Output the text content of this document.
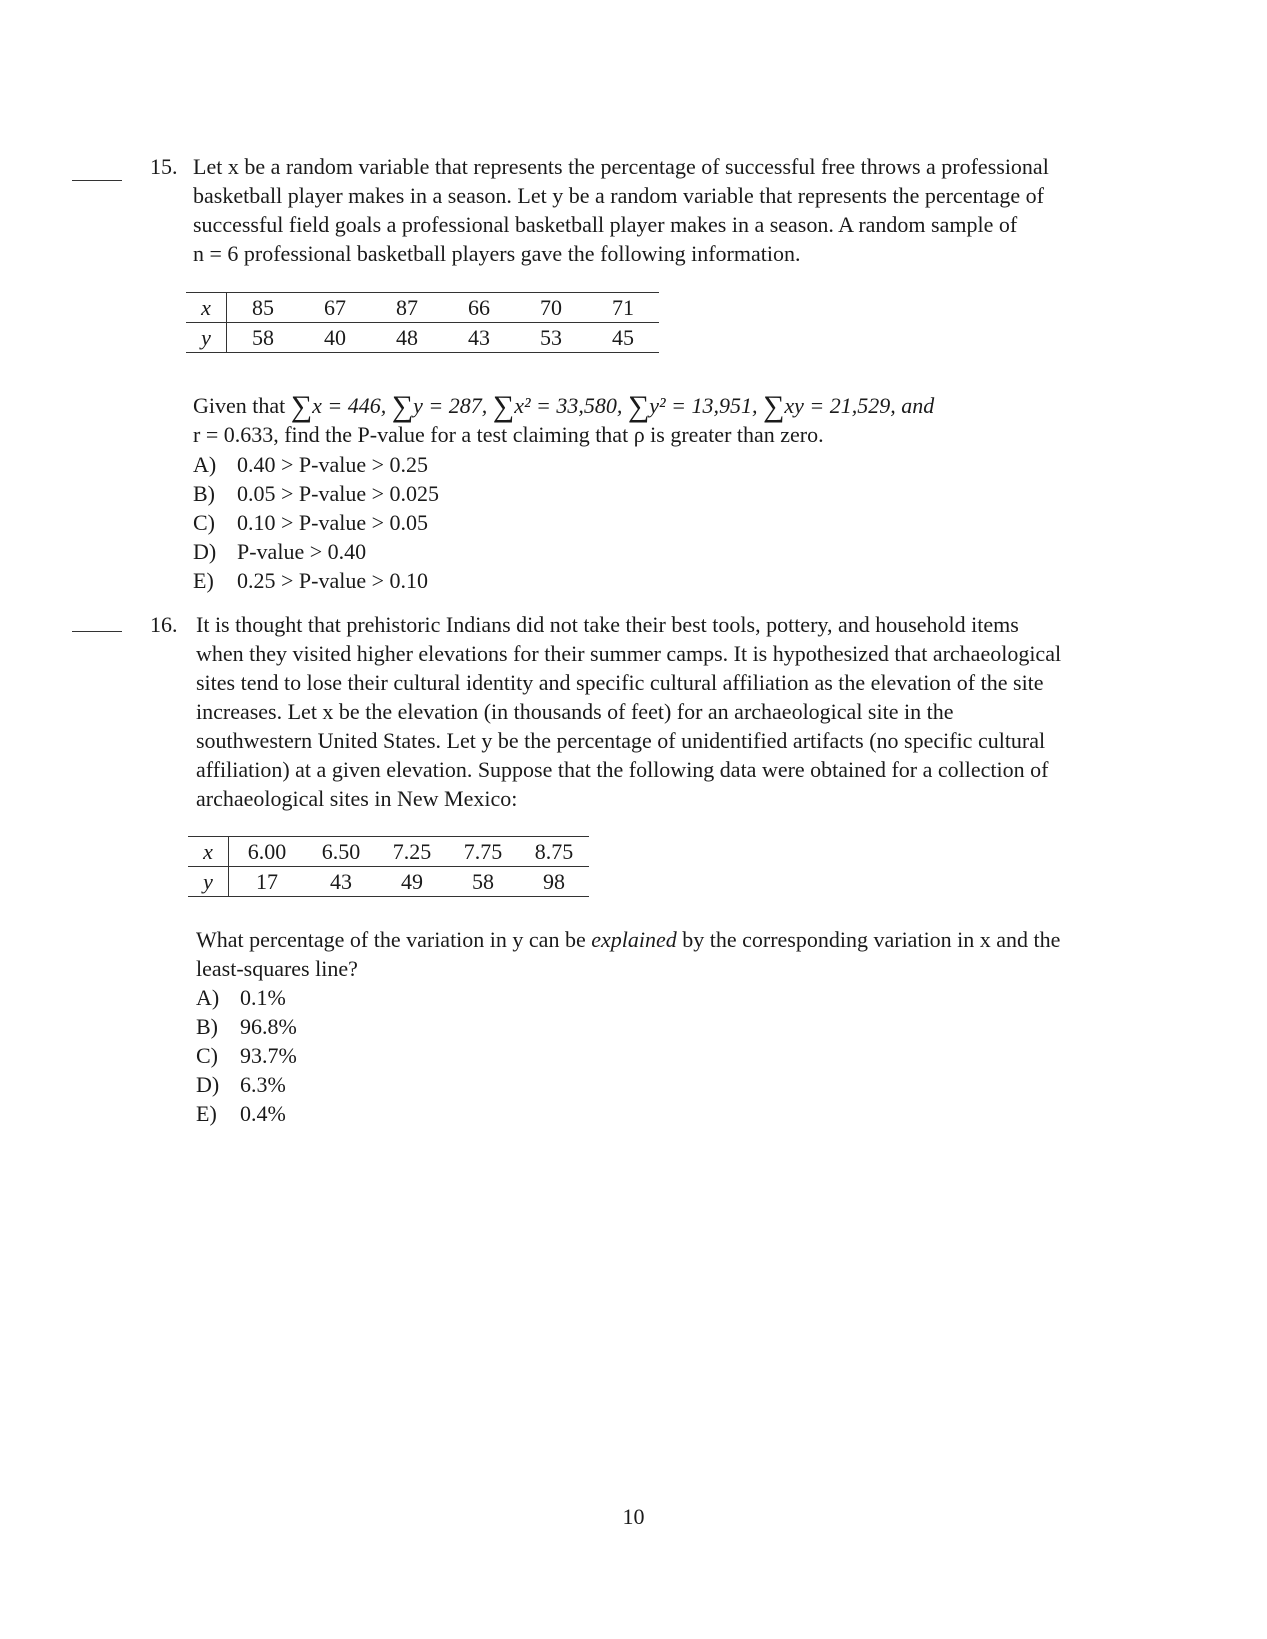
15. Let x be a random variable that represents the percentage of successful free throws a professional

basketball player makes in a season. Let y be a random variable that represents the percentage of

successful field goals a professional basketball player makes in a season. A random sample of

n = 6 professional basketball players gave the following information.

x	85	67	87	66	70	71
y	58	40	48	43	53	45

Given that ∑x = 446, ∑y = 287, ∑x² = 33,580, ∑y² = 13,951, ∑xy = 21,529, and

r = 0.633, find the P-value for a test claiming that ρ is greater than zero.

A) 0.40 > P-value > 0.25
B) 0.05 > P-value > 0.025
C) 0.10 > P-value > 0.05
D) P-value > 0.40
E) 0.25 > P-value > 0.10
16. It is thought that prehistoric Indians did not take their best tools, pottery, and household items

when they visited higher elevations for their summer camps. It is hypothesized that archaeological

sites tend to lose their cultural identity and specific cultural affiliation as the elevation of the site

increases. Let x be the elevation (in thousands of feet) for an archaeological site in the

southwestern United States. Let y be the percentage of unidentified artifacts (no specific cultural

affiliation) at a given elevation. Suppose that the following data were obtained for a collection of

archaeological sites in New Mexico:

x	6.00	6.50	7.25	7.75	8.75
y	17	43	49	58	98

What percentage of the variation in y can be explained by the corresponding variation in x and the

least-squares line?

A) 0.1%
B) 96.8%
C) 93.7%
D) 6.3%
E) 0.4%
10
